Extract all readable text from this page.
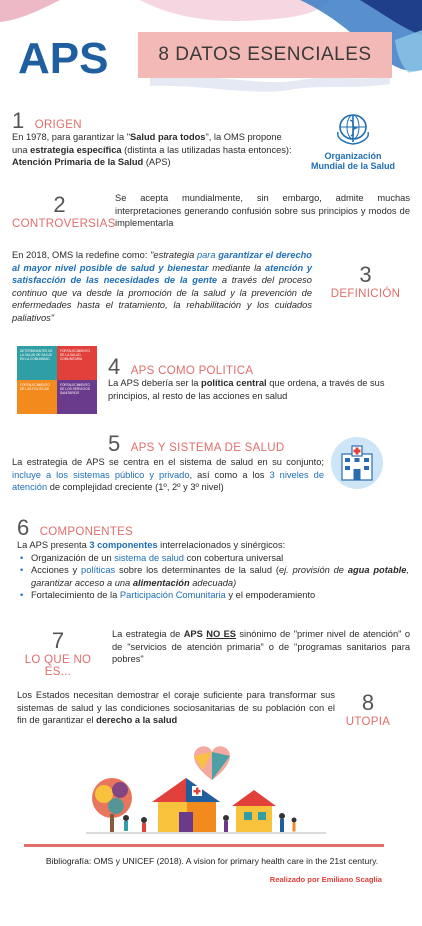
APS	8 DATOS ESENCIALES
1 ORIGEN
En 1978, para garantizar la "Salud para todos", la OMS propone una estrategia específica (distinta a las utilizadas hasta entonces): Atención Primaria de la Salud (APS)
Organización
Mundial de la Salud
2
CONTROVERSIAS
Se acepta mundialmente, sin embargo, admite muchas interpretaciones generando confusión sobre sus principios y modos de implementarla
En 2018, OMS la redefine como: "estrategia para garantizar el derecho al mayor nivel posible de salud y bienestar mediante la atención y satisfacción de las necesidades de la gente a través del proceso continuo que va desde la promoción de la salud y la prevención de enfermedades hasta el tratamiento, la rehabilitación y los cuidados paliativos"
3
DEFINICIÓN
DETERMINANTES DE LA SALUD DE SALUD EN LA COMUNIDAD
FORTALECIMIENTO DE LA SALUD COMUNITARIA
FORTALECIMIENTO DE LAS POLITICAS
FORTALECIMIENTO DE LOS SERVICIOS SANITARIOS
4 APS COMO POLITICA
La APS debería ser la política central que ordena, a través de sus principios, al resto de las acciones en salud
5 APS Y SISTEMA DE SALUD
La estrategia de APS se centra en el sistema de salud en su conjunto; incluye a los sistemas público y privado, así como a los 3 niveles de atención de complejidad creciente (1º, 2º y 3º nivel)
6 COMPONENTES
La APS presenta 3 componentes interrelacionados y sinérgicos:
• Organización de un sistema de salud con cobertura universal
• Acciones y políticas sobre los determinantes de la salud (ej. provisión de agua potable, garantizar acceso a una alimentación adecuada)
• Fortalecimiento de la Participación Comunitaria y el empoderamiento
7
LO QUE NO ES...
La estrategia de APS NO ES sinónimo de "primer nivel de atención" o de "servicios de atención primaria" o de "programas sanitarios para pobres"
Los Estados necesitan demostrar el coraje suficiente para transformar sus sistemas de salud y las condiciones sociosanitarias de su población con el fin de garantizar el derecho a la salud
8
UTOPIA
Bibliografía: OMS y UNICEF (2018). A vision for primary health care in the 21st century.
Realizado por Emiliano Scaglia
